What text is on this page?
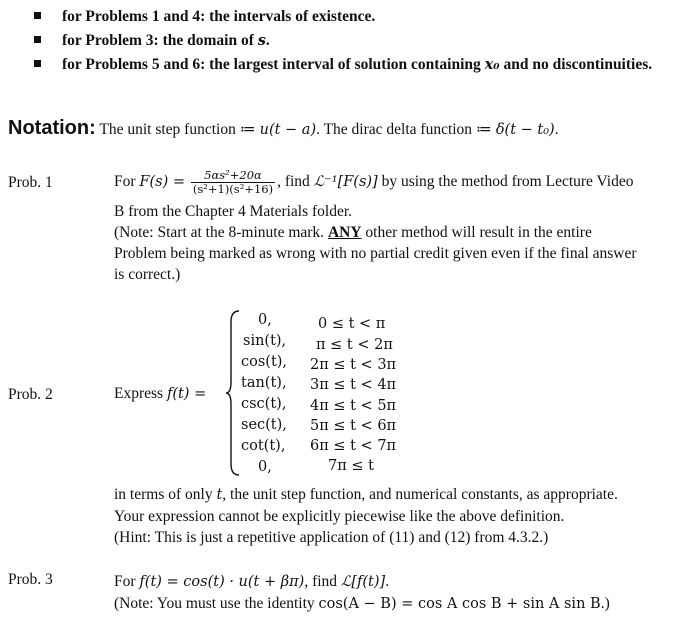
for Problems 1 and 4: the intervals of existence.
for Problem 3: the domain of s.
for Problems 5 and 6: the largest interval of solution containing x₀ and no discontinuities.
Notation: The unit step function ≔ u(t − a). The dirac delta function ≔ δ(t − t₀).
Prob. 1	For $F(s) = \frac{\text{5αs²+20α}}{\text{(s²+1)(s²+16)}}$ , find ℒ⁻¹[F(s)] by using the method from Lecture Video
B from the Chapter 4 Materials folder.
(Note: Start at the 8-minute mark. ANY other method will result in the entire
Problem being marked as wrong with no partial credit given even if the final answer
is correct.)
Prob. 2	Express f(t) =
0,	0 ≤ t < π
sin(t), π ≤ t < 2π
cos(t), 2π ≤ t < 3π
tan(t), 3π ≤ t < 4π
csc(t), 4π ≤ t < 5π
sec(t), 5π ≤ t < 6π
cot(t), 6π ≤ t < 7π
0,	7π ≤ t
in terms of only t, the unit step function, and numerical constants, as appropriate.
Your expression cannot be explicitly piecewise like the above definition.
(Hint: This is just a repetitive application of (11) and (12) from 4.3.2.)
Prob. 3	For f(t) = cos(t) · u(t + βπ), find ℒ[f(t)].
(Note: You must use the identity cos(A − B) = cos A cos B + sin A sin B.)
